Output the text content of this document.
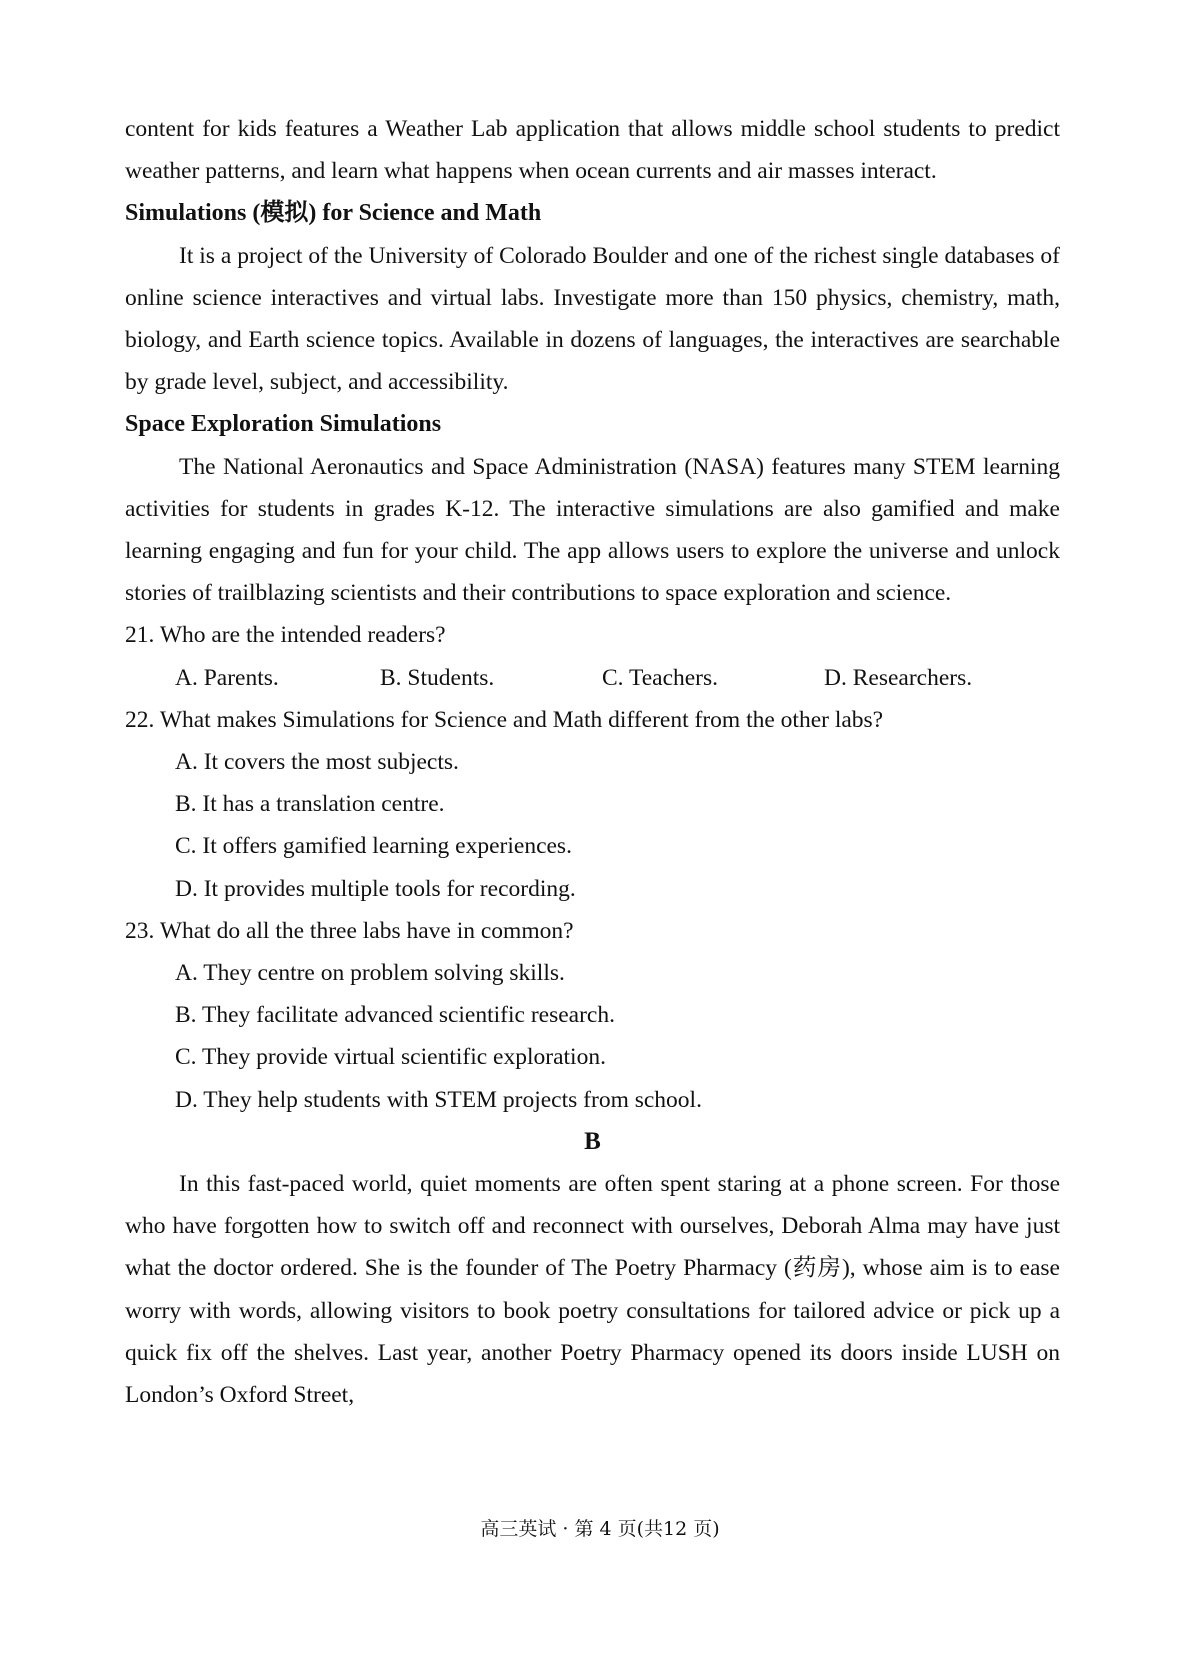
content for kids features a Weather Lab application that allows middle school students to predict weather patterns, and learn what happens when ocean currents and air masses interact.

Simulations (模拟) for Science and Math

It is a project of the University of Colorado Boulder and one of the richest single databases of online science interactives and virtual labs. Investigate more than 150 physics, chemistry, math, biology, and Earth science topics. Available in dozens of languages, the interactives are searchable by grade level, subject, and accessibility.

Space Exploration Simulations

The National Aeronautics and Space Administration (NASA) features many STEM learning activities for students in grades K-12. The interactive simulations are also gamified and make learning engaging and fun for your child. The app allows users to explore the universe and unlock stories of trailblazing scientists and their contributions to space exploration and science.

21. Who are the intended readers?

A. Parents.	B. Students.	C. Teachers.	D. Researchers.

22. What makes Simulations for Science and Math different from the other labs?

A. It covers the most subjects.

B. It has a translation centre.

C. It offers gamified learning experiences.

D. It provides multiple tools for recording.

23. What do all the three labs have in common?

A. They centre on problem solving skills.

B. They facilitate advanced scientific research.

C. They provide virtual scientific exploration.

D. They help students with STEM projects from school.

B

In this fast-paced world, quiet moments are often spent staring at a phone screen. For those who have forgotten how to switch off and reconnect with ourselves, Deborah Alma may have just what the doctor ordered. She is the founder of The Poetry Pharmacy (药房), whose aim is to ease worry with words, allowing visitors to book poetry consultations for tailored advice or pick up a quick fix off the shelves. Last year, another Poetry Pharmacy opened its doors inside LUSH on London’s Oxford Street,

高三英试 · 第 4 页(共12 页)
